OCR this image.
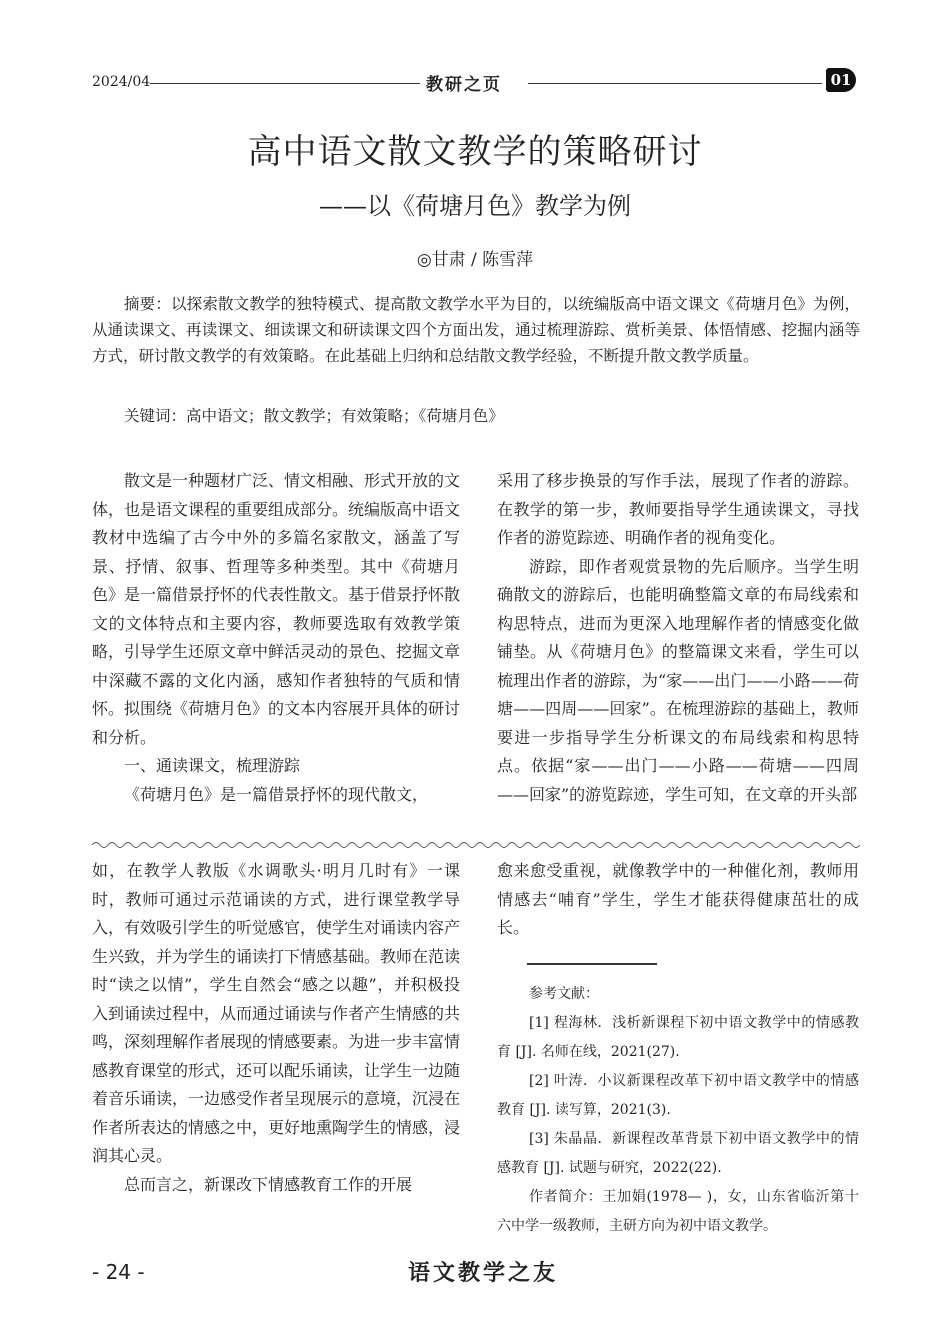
2024/04	教研之页	01
高中语文散文教学的策略研讨
——以《荷塘月色》教学为例
◎甘肃 / 陈雪萍
摘要：以探索散文教学的独特模式、提高散文教学水平为目的，以统编版高中语文课文《荷塘月色》为例，从通读课文、再读课文、细读课文和研读课文四个方面出发，通过梳理游踪、赏析美景、体悟情感、挖掘内涵等方式，研讨散文教学的有效策略。在此基础上归纳和总结散文教学经验，不断提升散文教学质量。
关键词：高中语文；散文教学；有效策略；《荷塘月色》

散文是一种题材广泛、情文相融、形式开放的文体，也是语文课程的重要组成部分。统编版高中语文教材中选编了古今中外的多篇名家散文，涵盖了写景、抒情、叙事、哲理等多种类型。其中《荷塘月色》是一篇借景抒怀的代表性散文。基于借景抒怀散文的文体特点和主要内容，教师要选取有效教学策略，引导学生还原文章中鲜活灵动的景色、挖掘文章中深藏不露的文化内涵，感知作者独特的气质和情怀。拟围绕《荷塘月色》的文本内容展开具体的研讨和分析。

一、通读课文，梳理游踪

《荷塘月色》是一篇借景抒怀的现代散文，

采用了移步换景的写作手法，展现了作者的游踪。在教学的第一步，教师要指导学生通读课文，寻找作者的游览踪迹、明确作者的视角变化。

游踪，即作者观赏景物的先后顺序。当学生明确散文的游踪后，也能明确整篇文章的布局线索和构思特点，进而为更深入地理解作者的情感变化做铺垫。从《荷塘月色》的整篇课文来看，学生可以梳理出作者的游踪，为“家——出门——小路——荷塘——四周——回家”。在梳理游踪的基础上，教师要进一步指导学生分析课文的布局线索和构思特点。依据“家——出门——小路——荷塘——四周——回家”的游览踪迹，学生可知，在文章的开头部

如，在教学人教版《水调歌头·明月几时有》一课时，教师可通过示范诵读的方式，进行课堂教学导入，有效吸引学生的听觉感官，使学生对诵读内容产生兴致，并为学生的诵读打下情感基础。教师在范读时“读之以情”，学生自然会“感之以趣”，并积极投入到诵读过程中，从而通过诵读与作者产生情感的共鸣，深刻理解作者展现的情感要素。为进一步丰富情感教育课堂的形式，还可以配乐诵读，让学生一边随着音乐诵读，一边感受作者呈现展示的意境，沉浸在作者所表达的情感之中，更好地熏陶学生的情感，浸润其心灵。

总而言之，新课改下情感教育工作的开展

愈来愈受重视，就像教学中的一种催化剂，教师用情感去“哺育”学生，学生才能获得健康茁壮的成长。

参考文献：

[1] 程海林．浅析新课程下初中语文教学中的情感教育 [J]. 名师在线，2021(27).

[2] 叶涛．小议新课程改革下初中语文教学中的情感教育 [J]. 读写算，2021(3).

[3] 朱晶晶．新课程改革背景下初中语文教学中的情感教育 [J]. 试题与研究，2022(22).

作者简介：王加娟(1978— )，女，山东省临沂第十六中学一级教师，主研方向为初中语文教学。

- 24 -	语文教学之友
